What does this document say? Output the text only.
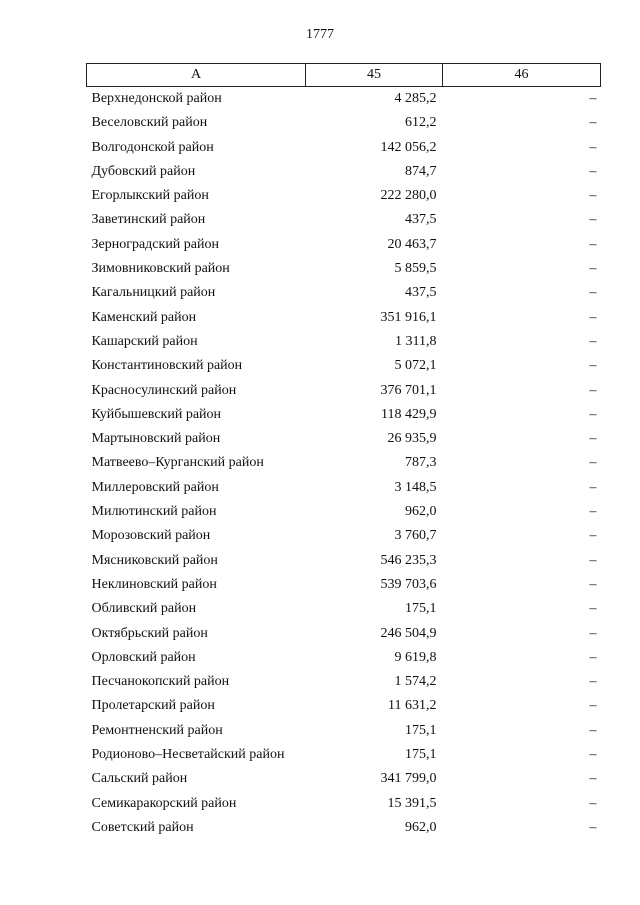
1777
А	45	46
Верхнедонской район	4 285,2	–
Веселовский район	612,2	–
Волгодонской район	142 056,2	–
Дубовский район	874,7	–
Егорлыкский район	222 280,0	–
Заветинский район	437,5	–
Зерноградский район	20 463,7	–
Зимовниковский район	5 859,5	–
Кагальницкий район	437,5	–
Каменский район	351 916,1	–
Кашарский район	1 311,8	–
Константиновский район	5 072,1	–
Красносулинский район	376 701,1	–
Куйбышевский район	118 429,9	–
Мартыновский район	26 935,9	–
Матвеево–Курганский район	787,3	–
Миллеровский район	3 148,5	–
Милютинский район	962,0	–
Морозовский район	3 760,7	–
Мясниковский район	546 235,3	–
Неклиновский район	539 703,6	–
Обливский район	175,1	–
Октябрьский район	246 504,9	–
Орловский район	9 619,8	–
Песчанокопский район	1 574,2	–
Пролетарский район	11 631,2	–
Ремонтненский район	175,1	–
Родионово–Несветайский район	175,1	–
Сальский район	341 799,0	–
Семикаракорский район	15 391,5	–
Советский район	962,0	–
